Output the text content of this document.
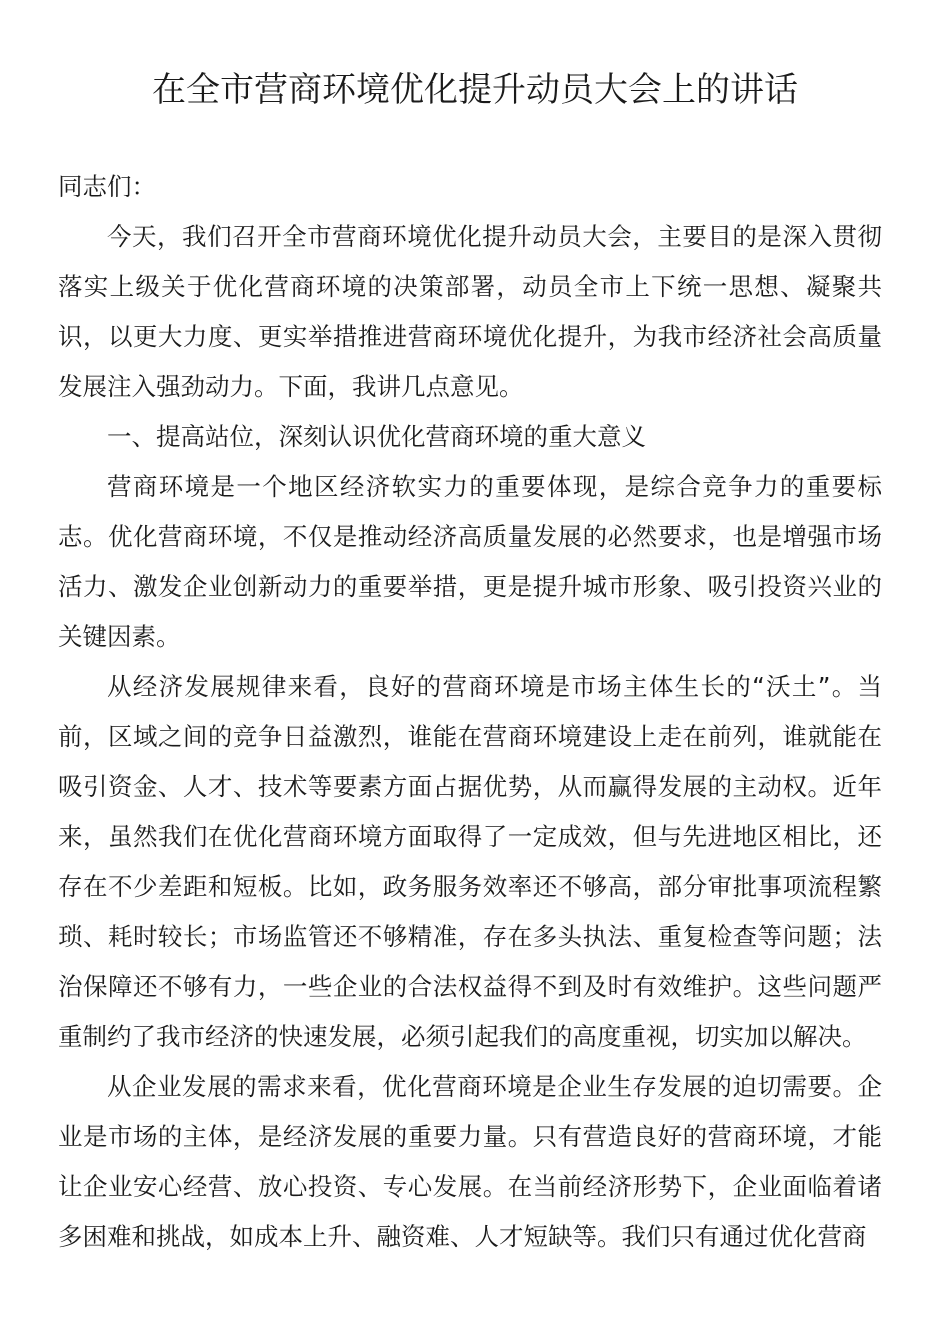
在全市营商环境优化提升动员大会上的讲话

同志们：

今天，我们召开全市营商环境优化提升动员大会，主要目的是深入贯彻落实上级关于优化营商环境的决策部署，动员全市上下统一思想、凝聚共识，以更大力度、更实举措推进营商环境优化提升，为我市经济社会高质量发展注入强劲动力。下面，我讲几点意见。

一、提高站位，深刻认识优化营商环境的重大意义

营商环境是一个地区经济软实力的重要体现，是综合竞争力的重要标志。优化营商环境，不仅是推动经济高质量发展的必然要求，也是增强市场活力、激发企业创新动力的重要举措，更是提升城市形象、吸引投资兴业的关键因素。

从经济发展规律来看，良好的营商环境是市场主体生长的“沃土”。当前，区域之间的竞争日益激烈，谁能在营商环境建设上走在前列，谁就能在吸引资金、人才、技术等要素方面占据优势，从而赢得发展的主动权。近年来，虽然我们在优化营商环境方面取得了一定成效，但与先进地区相比，还存在不少差距和短板。比如，政务服务效率还不够高，部分审批事项流程繁琐、耗时较长；市场监管还不够精准，存在多头执法、重复检查等问题；法治保障还不够有力，一些企业的合法权益得不到及时有效维护。这些问题严重制约了我市经济的快速发展，必须引起我们的高度重视，切实加以解决。

从企业发展的需求来看，优化营商环境是企业生存发展的迫切需要。企业是市场的主体，是经济发展的重要力量。只有营造良好的营商环境，才能让企业安心经营、放心投资、专心发展。在当前经济形势下，企业面临着诸多困难和挑战，如成本上升、融资难、人才短缺等。我们只有通过优化营商
